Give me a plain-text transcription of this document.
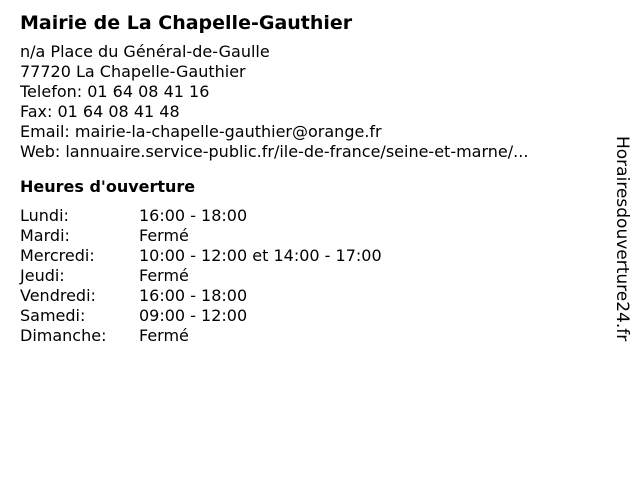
Mairie de La Chapelle-Gauthier
n/a Place du Général-de-Gaulle
77720 La Chapelle-Gauthier
Telefon: 01 64 08 41 16
Fax: 01 64 08 41 48
Email: mairie-la-chapelle-gauthier@orange.fr
Web: lannuaire.service-public.fr/ile-de-france/seine-et-marne/...
Heures d'ouverture
Lundi:	16:00 - 18:00
Mardi:	Fermé
Mercredi:	10:00 - 12:00 et 14:00 - 17:00
Jeudi:	Fermé
Vendredi:	16:00 - 18:00
Samedi:	09:00 - 12:00
Dimanche:	Fermé	Horairesdouverture24.fr
